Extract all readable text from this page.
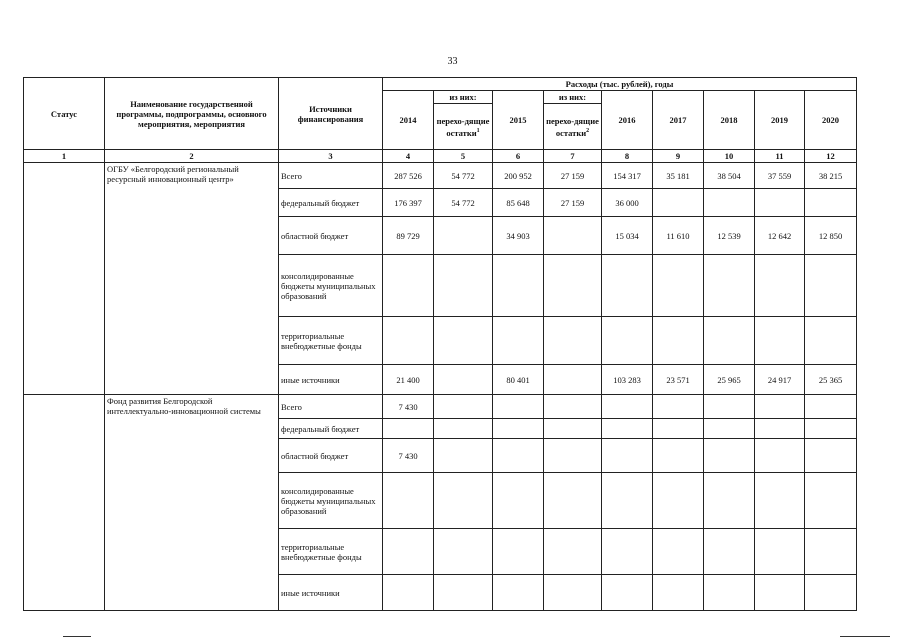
33
Статус	Наименование государственной программы, подпрограммы, основного мероприятия, мероприятия	Источники финансирования	Расходы (тыс. рублей), годы								
			2014	из них:	2015	из них:	2016	2017	2018	2019	2020
				перехо-дящие остатки$^1$		перехо-дящие остатки$^2$
1	2	3	4	5	6	7	8	9	10	11	12
	ОГБУ «Белгородский региональный ресурсный инновационный центр»	Всего	287 526	54 772	200 952	27 159	154 317	35 181	38 504	37 559	38 215
		федеральный бюджет	176 397	54 772	85 648	27 159	36 000				
		областной бюджет	89 729		34 903		15 034	11 610	12 539	12 642	12 850
		консолидированные бюджеты муниципальных образований									
		территориальные внебюджетные фонды									
		иные источники	21 400		80 401		103 283	23 571	25 965	24 917	25 365
	Фонд развития Белгородской интеллектуально-инновационной системы	Всего	7 430								
		федеральный бюджет									
		областной бюджет	7 430								
		консолидированные бюджеты муниципальных образований									
		территориальные внебюджетные фонды									
		иные источники									
